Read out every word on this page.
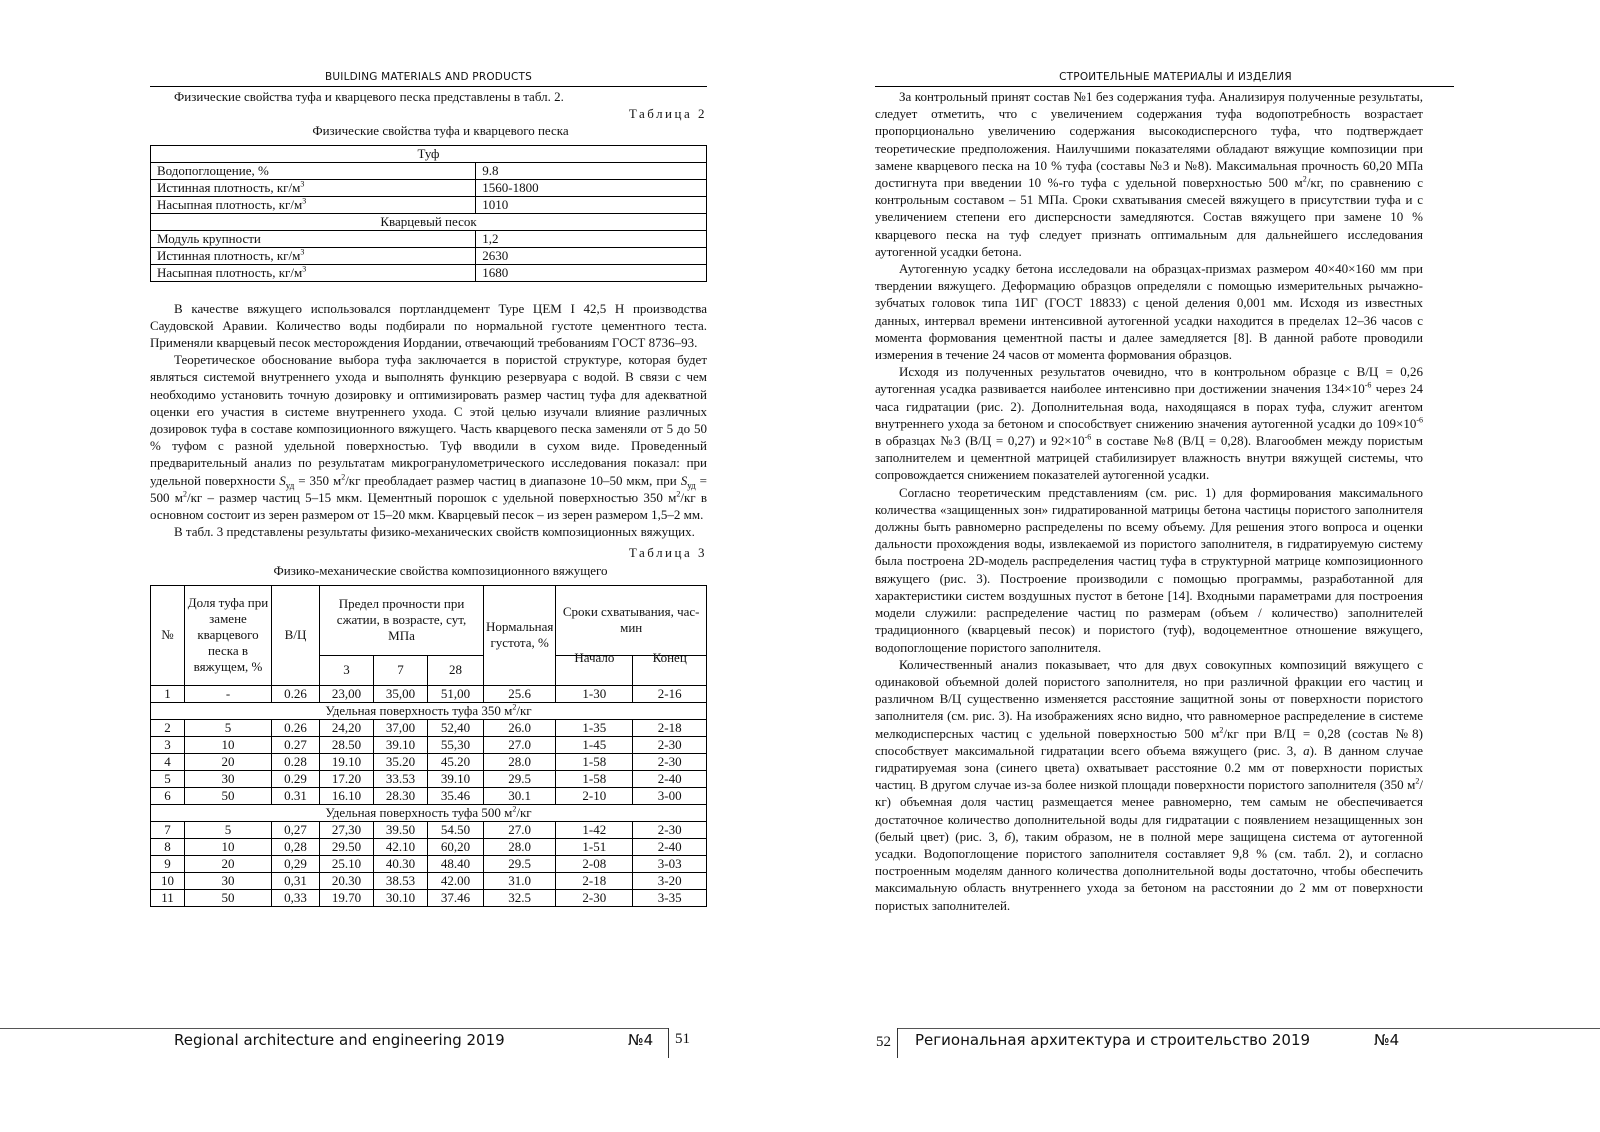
BUILDING MATERIALS AND PRODUCTS

Физические свойства туфа и кварцевого песка представлены в табл. 2.

Таблица 2

Физические свойства туфа и кварцевого песка

Туф	
Водопоглощение, %	9.8
Истинная плотность, $кг/м^3$	1560-1800
Насыпная плотность, $кг/м^3$	1010
Кварцевый песок	
Модуль крупности	1,2
Истинная плотность, $кг/м^3$	2630
Насыпная плотность, $кг/м^3$	1680

В качестве вяжущего использовался портландцемент Type ЦЕМ I 42,5 Н производства Саудовской Аравии. Количество воды подбирали по нормальной густоте цементного теста. Применяли кварцевый песок месторождения Иордании, отвечающий требованиям ГОСТ 8736–93.

Теоретическое обоснование выбора туфа заключается в пористой структуре, которая будет являться системой внутреннего ухода и выполнять функцию резервуара с водой. В связи с чем необходимо установить точную дозировку и оптимизировать размер частиц туфа для адекватной оценки его участия в системе внутреннего ухода. С этой целью изучали влияние различных дозировок туфа в составе композиционного вяжущего. Часть кварцевого песка заменяли от 5 до 50 % туфом с разной удельной поверхностью. Туф вводили в сухом виде. Проведенный предварительный анализ по результатам микрогранулометрического исследования показал: при удельной поверхности $S_{уд} = 350$ $м^2/кг$ преобладает размер частиц в диапазоне 10–50 мкм, при $S_{уд} = 500$ $м^2/кг$ – размер частиц 5–15 мкм. Цементный порошок с удельной поверхностью 350 $м^2/кг$ в основном состоит из зерен размером от 15–20 мкм. Кварцевый песок – из зерен размером 1,5–2 мм.

В табл. 3 представлены результаты физико-механических свойств композиционных вяжущих.

Таблица 3

Физико-механические свойства композиционного вяжущего

№	Доля туфа при замене кварцевого песка в вяжущем, %	В/Ц	Предел прочности при сжатии, в возрасте, сут, МПа			Нормальная густота, %	Сроки схватывания, час-мин	
			3	7	28		Начало	Конец
1	-	0.26	23,00	35,00	51,00	25.6	1-30	2-16
Удельная поверхность туфа 350 $м^2/кг$								
2	5	0.26	24,20	37,00	52,40	26.0	1-35	2-18
3	10	0.27	28.50	39.10	55,30	27.0	1-45	2-30
4	20	0.28	19.10	35.20	45.20	28.0	1-58	2-30
5	30	0.29	17.20	33.53	39.10	29.5	1-58	2-40
6	50	0.31	16.10	28.30	35.46	30.1	2-10	3-00
Удельная поверхность туфа 500 $м^2/кг$								
7	5	0,27	27,30	39.50	54.50	27.0	1-42	2-30
8	10	0,28	29.50	42.10	60,20	28.0	1-51	2-40
9	20	0,29	25.10	40.30	48.40	29.5	2-08	3-03
10	30	0,31	20.30	38.53	42.00	31.0	2-18	3-20
11	50	0,33	19.70	30.10	37.46	32.5	2-30	3-35
Regional architecture and engineering 2019	№4	51
СТРОИТЕЛЬНЫЕ МАТЕРИАЛЫ И ИЗДЕЛИЯ

За контрольный принят состав №1 без содержания туфа. Анализируя полученные результаты, следует отметить, что с увеличением содержания туфа водопотребность возрастает пропорционально увеличению содержания высокодисперсного туфа, что подтверждает теоретические предположения. Наилучшими показателями обладают вяжущие композиции при замене кварцевого песка на 10 % туфа (составы №3 и №8). Максимальная прочность 60,20 МПа достигнута при введении 10 %-го туфа с удельной поверхностью 500 $м^2/кг$, по сравнению с контрольным составом – 51 МПа. Сроки схватывания смесей вяжущего в присутствии туфа и с увеличением степени его дисперсности замедляются. Состав вяжущего при замене 10 % кварцевого песка на туф следует признать оптимальным для дальнейшего исследования аутогенной усадки бетона.

Аутогенную усадку бетона исследовали на образцах-призмах размером 40×40×160 мм при твердении вяжущего. Деформацию образцов определяли с помощью измерительных рычажно-зубчатых головок типа 1ИГ (ГОСТ 18833) с ценой деления 0,001 мм. Исходя из известных данных, интервал времени интенсивной аутогенной усадки находится в пределах 12–36 часов с момента формования цементной пасты и далее замедляется [8]. В данной работе проводили измерения в течение 24 часов от момента формования образцов.

Исходя из полученных результатов очевидно, что в контрольном образце с В/Ц = 0,26 аутогенная усадка развивается наиболее интенсивно при достижении значения $134\times 10^{-6}$ через 24 часа гидратации (рис. 2). Дополнительная вода, находящаяся в порах туфа, служит агентом внутреннего ухода за бетоном и способствует снижению значения аутогенной усадки до $109\times 10^{-6}$ в образцах №3 (В/Ц = 0,27) и $92\times 10^{-6}$ в составе №8 (В/Ц = 0,28). Влагообмен между пористым заполнителем и цементной матрицей стабилизирует влажность внутри вяжущей системы, что сопровождается снижением показателей аутогенной усадки.

Согласно теоретическим представлениям (см. рис. 1) для формирования максимального количества «защищенных зон» гидратированной матрицы бетона частицы пористого заполнителя должны быть равномерно распределены по всему объему. Для решения этого вопроса и оценки дальности прохождения воды, извлекаемой из пористого заполнителя, в гидратируемую систему была построена 2D-модель распределения частиц туфа в структурной матрице композиционного вяжущего (рис. 3). Построение производили с помощью программы, разработанной для характеристики систем воздушных пустот в бетоне [14]. Входными параметрами для построения модели служили: распределение частиц по размерам (объем / количество) заполнителей традиционного (кварцевый песок) и пористого (туф), водоцементное отношение вяжущего, водопоглощение пористого заполнителя.

Количественный анализ показывает, что для двух совокупных композиций вяжущего с одинаковой объемной долей пористого заполнителя, но при различной фракции его частиц и различном В/Ц существенно изменяется расстояние защитной зоны от поверхности пористого заполнителя (см. рис. 3). На изображениях ясно видно, что равномерное распределение в системе мелкодисперсных частиц с удельной поверхностью 500 $м^2/кг$ при В/Ц = 0,28 (состав №8) способствует максимальной гидратации всего объема вяжущего (рис. 3, а). В данном случае гидратируемая зона (синего цвета) охватывает расстояние 0.2 мм от поверхности пористых частиц. В другом случае из-за более низкой площади поверхности пористого заполнителя (350 $м^2/кг$) объемная доля частиц размещается менее равномерно, тем самым не обеспечивается достаточное количество дополнительной воды для гидратации с появлением незащищенных зон (белый цвет) (рис. 3, б), таким образом, не в полной мере защищена система от аутогенной усадки. Водопоглощение пористого заполнителя составляет 9,8 % (см. табл. 2), и согласно построенным моделям данного количества дополнительной воды достаточно, чтобы обеспечить максимальную область внутреннего ухода за бетоном на расстоянии до 2 мм от поверхности пористых заполнителей.

52 Региональная архитектура и строительство 2019	№4
